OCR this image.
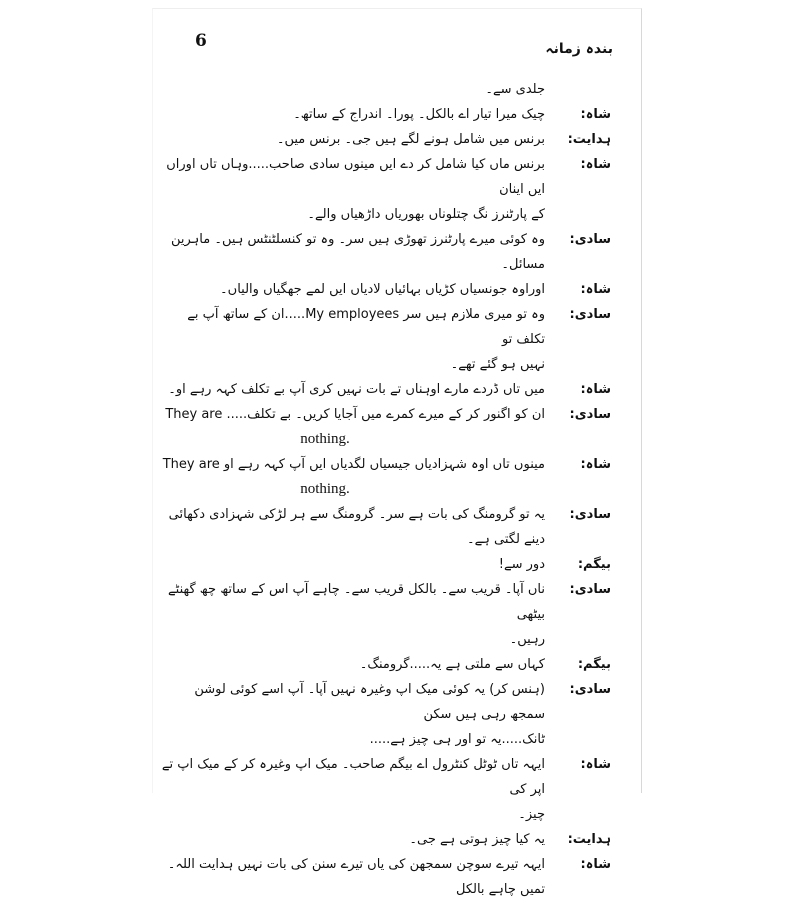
6	بندہ زمانہ
جلدی سے۔
شاہ:
چیک میرا تیار اے بالکل۔ پورا۔ اندراج کے ساتھ۔
ہدایت:
برنس میں شامل ہونے لگے ہیں جی۔ برنس میں۔
شاہ:
برنس ماں کیا شامل کر دے ایں مینوں سادی صاحب.....وہاں تاں اوراں ایں اینان
کے پارٹنرز نگ چتلوناں بھوریاں داڑھیاں والے۔
سادی:
وہ کوئی میرے پارٹنرز تھوڑی ہیں سر۔ وہ تو کنسلٹنٹس ہیں۔ ماہرین مسائل۔
شاہ:
اوراوہ جونسیاں کڑیاں بہائیاں لادیاں ایں لمے جھگیاں والیاں۔
سادی:
وہ تو میری ملازم ہیں سر My employees.....ان کے ساتھ آپ بے تکلف تو
نہیں ہو گئے تھے۔
شاہ:
میں تاں ڈردے مارے اوہناں تے بات نہیں کری آپ بے تکلف کہہ رہے او۔
سادی:
ان کو اگنور کر کے میرے کمرے میں آجایا کریں۔ بے تکلف..... They are
nothing.
شاہ:
مینوں تاں اوہ شہزادیاں جیسیاں لگدیاں ایں آپ کہہ رہے او They are
nothing.
سادی:
یہ تو گرومنگ کی بات ہے سر۔ گرومنگ سے ہر لڑکی شہزادی دکھائی دینے لگتی ہے۔
بیگم:
دور سے!
سادی:
ناں آپا۔ قریب سے۔ بالکل قریب سے۔ چاہے آپ اس کے ساتھ چھ گھنٹے بیٹھی
رہیں۔
بیگم:
کہاں سے ملتی ہے یہ.....گرومنگ۔
سادی:
(ہنس کر) یہ کوئی میک اپ وغیرہ نہیں آپا۔ آپ اسے کوئی لوشن سمجھ رہی ہیں سکن
ٹانک.....یہ تو اور ہی چیز ہے.....
شاہ:
ایہہ تاں ٹوٹل کنٹرول اے بیگم صاحب۔ میک اپ وغیرہ کر کے میک اپ تے اپر کی
چیز۔
ہدایت:
یہ کیا چیز ہوتی ہے جی۔
شاہ:
ایہہ تیرے سوچن سمجھن کی یاں تیرے سنن کی بات نہیں ہدایت اللہ۔ تمیں چاہے بالکل
